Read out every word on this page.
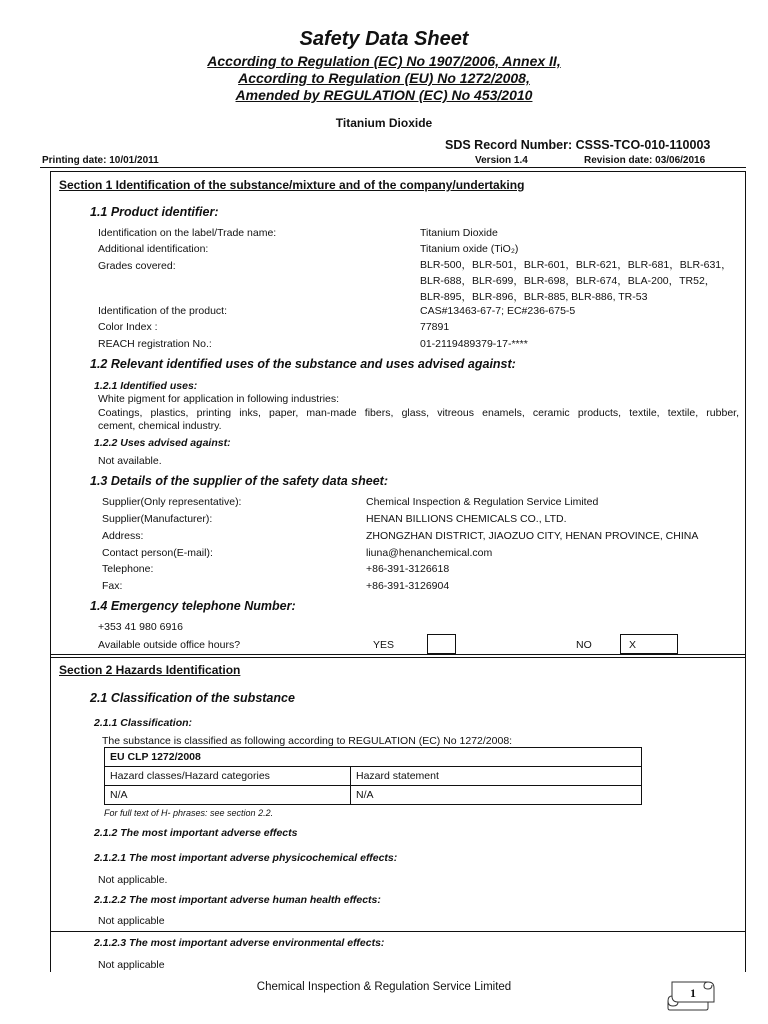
Safety Data Sheet
According to Regulation (EC) No 1907/2006, Annex II,
According to Regulation (EU) No 1272/2008,
Amended by REGULATION (EC) No 453/2010
Titanium Dioxide
SDS Record Number: CSSS-TCO-010-110003
Printing date: 10/01/2011	Version 1.4	Revision date: 03/06/2016
Section 1 Identification of the substance/mixture and of the company/undertaking
1.1 Product identifier:
Identification on the label/Trade name:	Titanium Dioxide
Additional identification:	Titanium oxide (TiO₂)
Grades covered:	BLR-500，BLR-501，BLR-601，BLR-621，BLR-681，BLR-631，
BLR-688，BLR-699，BLR-698，BLR-674，BLA-200，TR52，
BLR-895，BLR-896，BLR-885, BLR-886, TR-53
Identification of the product:	CAS#13463-67-7; EC#236-675-5
Color Index :	77891
REACH registration No.:	01-2119489379-17-****
1.2 Relevant identified uses of the substance and uses advised against:
1.2.1 Identified uses:
White pigment for application in following industries:
Coatings, plastics, printing inks, paper, man-made fibers, glass, vitreous enamels, ceramic products, textile, textile, rubber,
cement, chemical industry.
1.2.2 Uses advised against:
Not available.
1.3 Details of the supplier of the safety data sheet:
Supplier(Only representative):	Chemical Inspection & Regulation Service Limited
Supplier(Manufacturer):	HENAN BILLIONS CHEMICALS CO., LTD.
Address:	ZHONGZHAN DISTRICT, JIAOZUO CITY, HENAN PROVINCE, CHINA
Contact person(E-mail):	liuna@henanchemical.com
Telephone:	+86-391-3126618
Fax:	+86-391-3126904
1.4 Emergency telephone Number:
+353 41 980 6916
Available outside office hours?	YES	NO	X
Section 2 Hazards Identification
2.1 Classification of the substance
2.1.1 Classification:
The substance is classified as following according to REGULATION (EC) No 1272/2008:
EU CLP 1272/2008	
Hazard classes/Hazard categories	Hazard statement
N/A	N/A
For full text of H- phrases: see section 2.2.
2.1.2 The most important adverse effects
2.1.2.1 The most important adverse physicochemical effects:
Not applicable.
2.1.2.2 The most important adverse human health effects:
Not applicable
2.1.2.3 The most important adverse environmental effects:
Not applicable
Chemical Inspection & Regulation Service Limited	1
